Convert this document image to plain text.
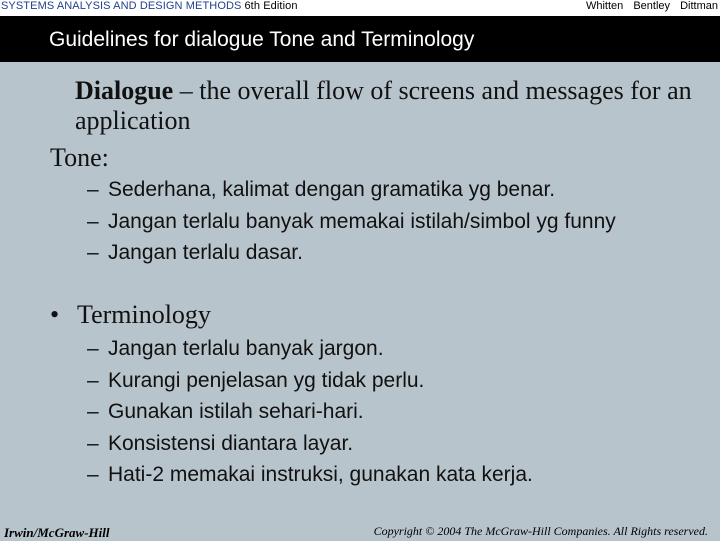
SYSTEMS ANALYSIS AND DESIGN METHODS 6th Edition	Whitten Bentley Dittman
Guidelines for dialogue Tone and Terminology
Dialogue – the overall flow of screens and messages for an application
Tone:
– Sederhana, kalimat dengan gramatika yg benar.
– Jangan terlalu banyak memakai istilah/simbol yg funny
– Jangan terlalu dasar.
• Terminology
– Jangan terlalu banyak jargon.
– Kurangi penjelasan yg tidak perlu.
– Gunakan istilah sehari-hari.
– Konsistensi diantara layar.
– Hati-2 memakai instruksi, gunakan kata kerja.
Irwin/McGraw-Hill	Copyright © 2004 The McGraw-Hill Companies. All Rights reserved.
